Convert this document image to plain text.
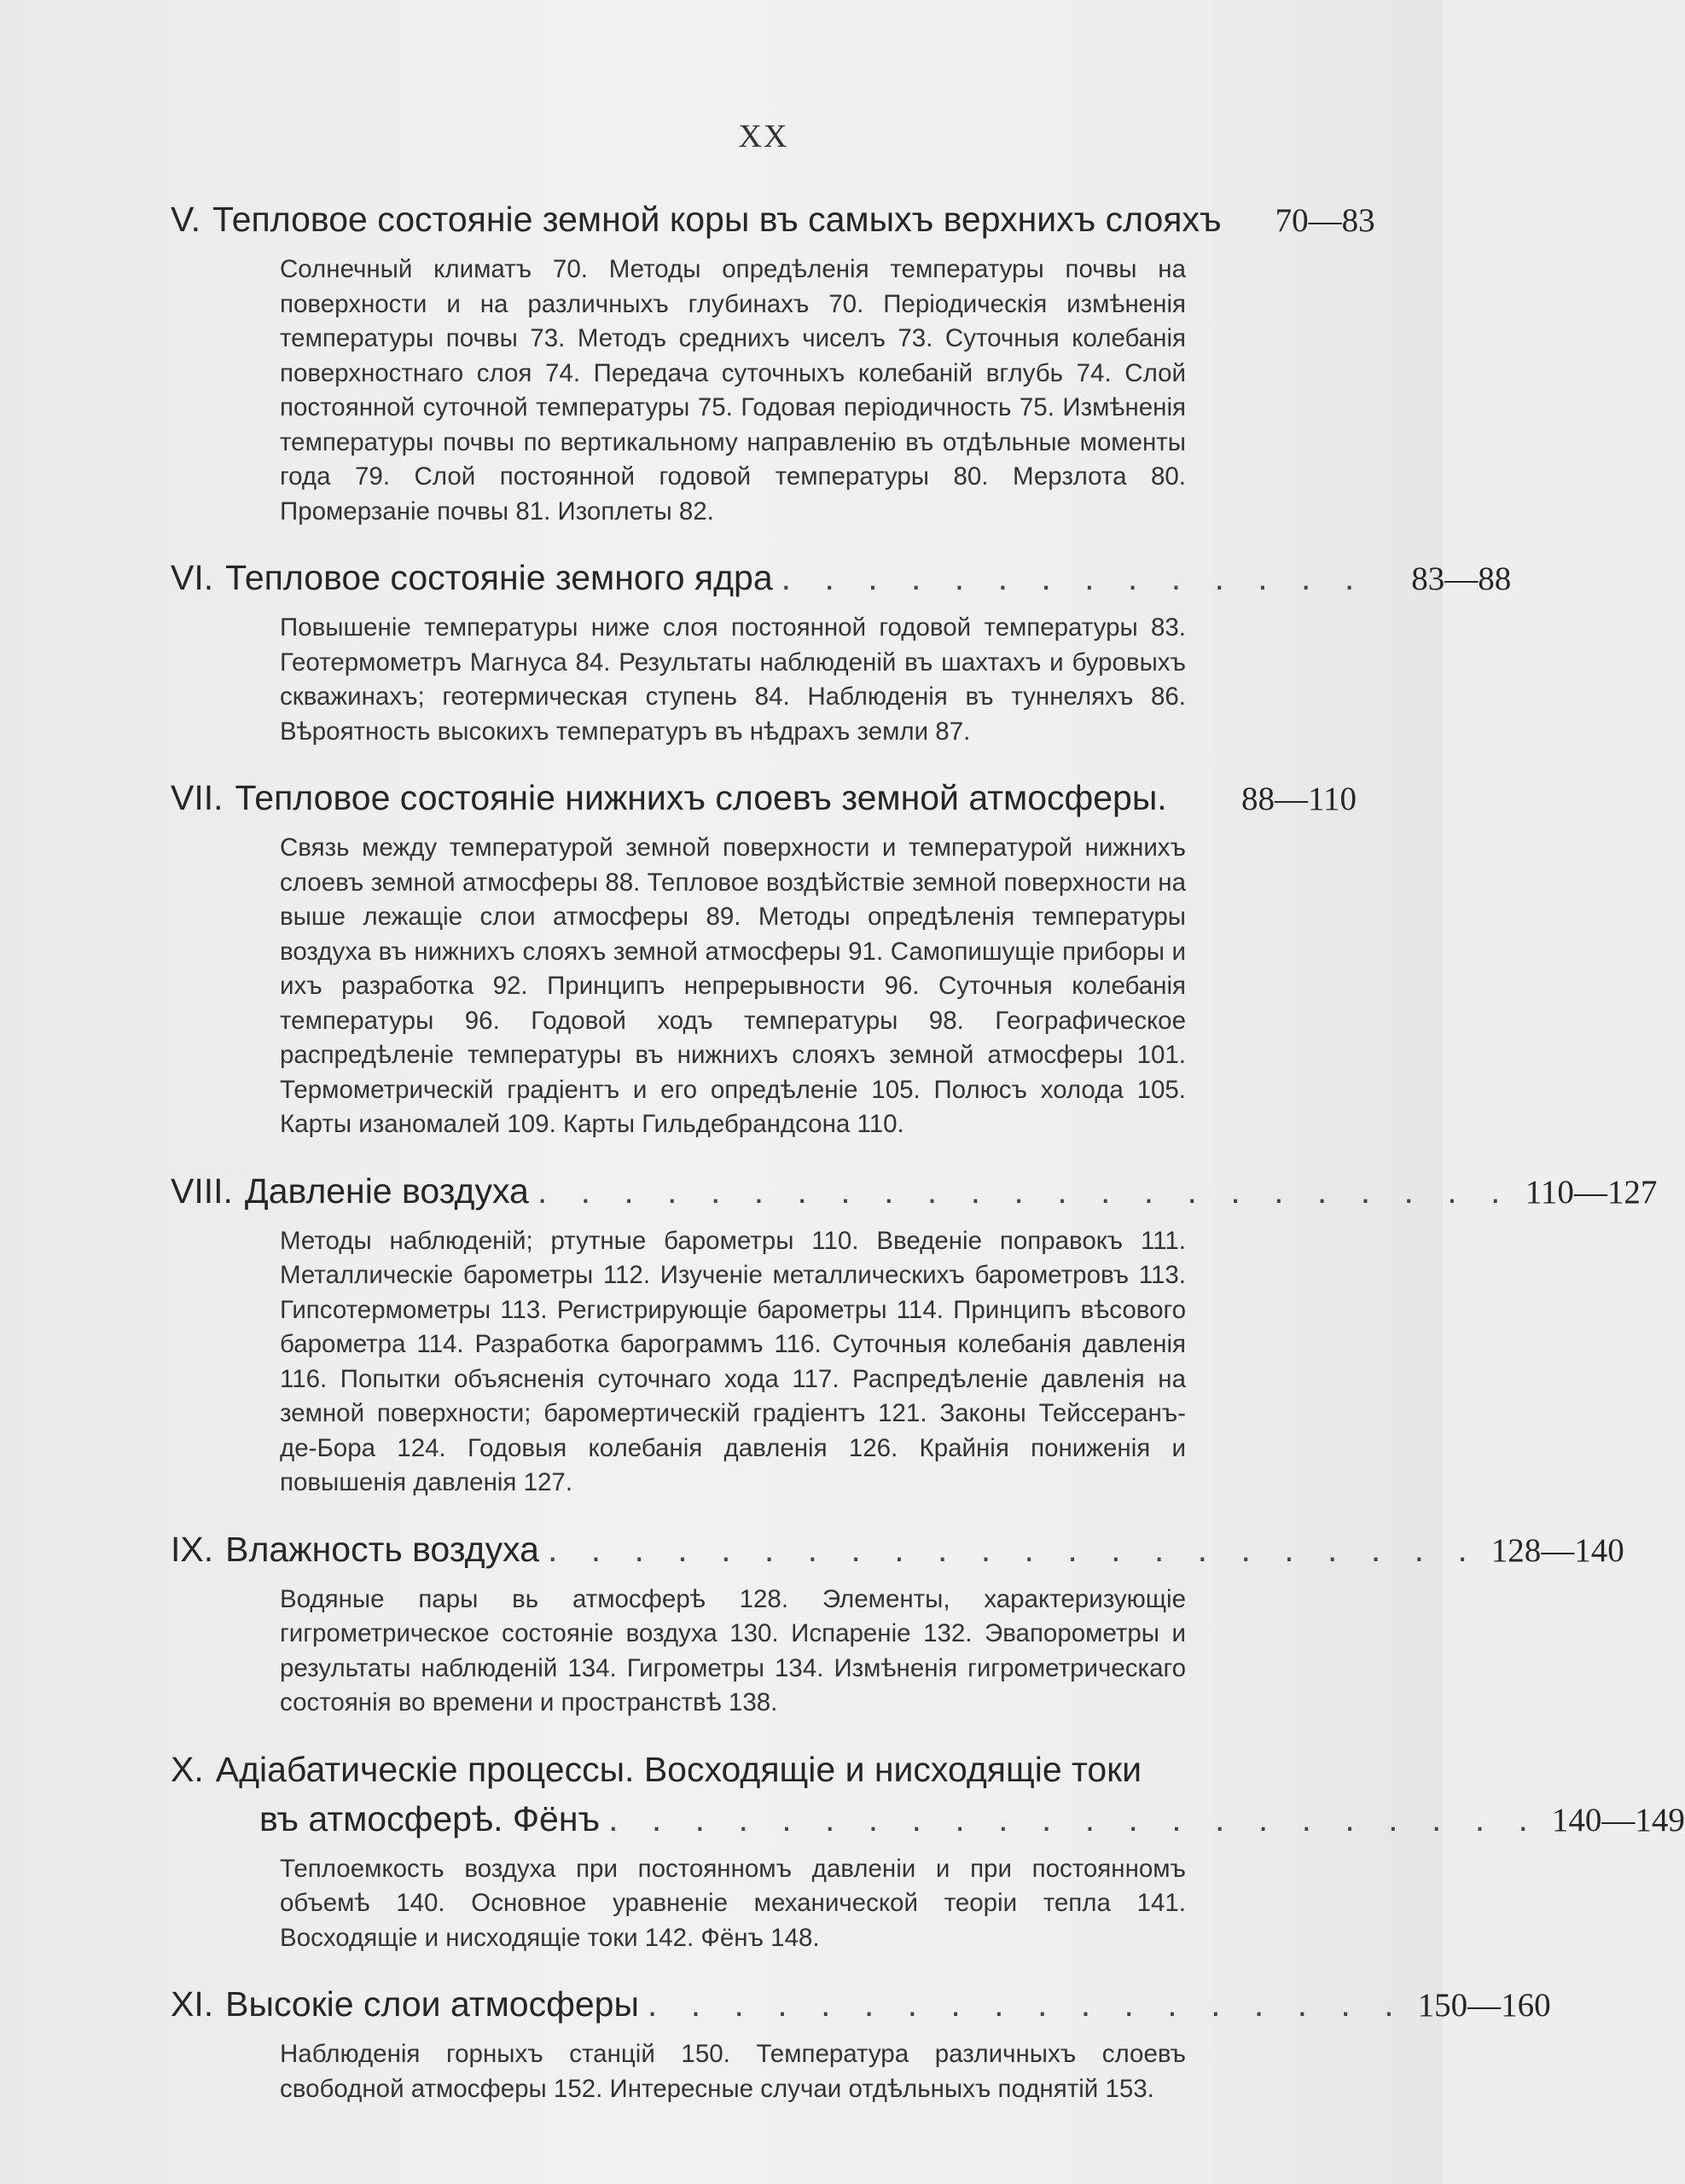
XX
V. Тепловое состоянiе земной коры въ самыхъ верхнихъ слояхъ	70—83
Солнечный климатъ 70. Методы опредѣленiя температуры почвы на поверхности и на различныхъ глубинахъ 70. Перiодическiя измѣненiя температуры почвы 73. Методъ среднихъ чиселъ 73. Суточныя колебанiя поверхностнаго слоя 74. Передача суточныхъ колебанiй вглубь 74. Слой постоянной суточной температуры 75. Годовая перiодичность 75. Измѣненiя температуры почвы по вертикальному направленiю въ отдѣльные моменты года 79. Слой постоянной годовой температуры 80. Мерзлота 80. Промерзанiе почвы 81. Изоплеты 82.
VI. Тепловое состоянiе земного ядра . . . . . . . . . . . . . .	83—88
Повышенiе температуры ниже слоя постоянной годовой температуры 83. Геотермометръ Магнуса 84. Результаты наблюденiй въ шахтахъ и буровыхъ скважинахъ; геотермическая ступень 84. Наблюденiя въ туннеляхъ 86. Вѣроятность высокихъ температуръ въ нѣдрахъ земли 87.
VII. Тепловое состоянiе нижнихъ слоевъ земной атмосферы.	88—110
Связь между температурой земной поверхности и температурой нижнихъ слоевъ земной атмосферы 88. Тепловое воздѣйствiе земной поверхности на выше лежащiе слои атмосферы 89. Методы опредѣленiя температуры воздуха въ нижнихъ слояхъ земной атмосферы 91. Самопишущiе приборы и ихъ разработка 92. Принципъ непрерывности 96. Суточныя колебанiя температуры 96. Годовой ходъ температуры 98. Географическое распредѣленiе температуры въ нижнихъ слояхъ земной атмосферы 101. Термометрическiй градiентъ и его опредѣленiе 105. Полюсъ холода 105. Карты изаномалей 109. Карты Гильдебрандсона 110.
VIII. Давленiе воздуха . . . . . . . . . . . . . . . . . . . . . . . 110—127
Методы наблюденiй; ртутные барометры 110. Введенiе поправокъ 111. Металлическiе барометры 112. Изученiе металлическихъ барометровъ 113. Гипсотермометры 113. Регистрирующiе барометры 114. Принципъ вѣсового барометра 114. Разработка барограммъ 116. Суточныя колебанiя давленiя 116. Попытки объясненiя суточнаго хода 117. Распредѣленiе давленiя на земной поверхности; баромертическiй градiентъ 121. Законы Тейссеранъ-де-Бора 124. Годовыя колебанiя давленiя 126. Крайнiя пониженiя и повышенiя давленiя 127.
IX. Влажность воздуха . . . . . . . . . . . . . . . . . . . . . . 128—140
Водяные пары вь атмосферѣ 128. Элементы, характеризующiе гигрометрическое состоянiе воздуха 130. Испаренiе 132. Эвапорометры и результаты наблюденiй 134. Гигрометры 134. Измѣненiя гигрометрическаго состоянiя во времени и пространствѣ 138.
X. Адiабатическiе процессы. Восходящiе и нисходящiе токи
въ атмосферѣ. Фёнъ . . . . . . . . . . . . . . . . . . . . . . 140—149
Теплоемкость воздуха при постоянномъ давленiи и при постоянномъ объемѣ 140. Основное уравненiе механической теорiи тепла 141. Восходящiе и нисходящiе токи 142. Фёнъ 148.
XI. Высокiе слои атмосферы . . . . . . . . . . . . . . . . . . 150—160
Наблюденiя горныхъ станцiй 150. Температура различныхъ слоевъ свободной атмосферы 152. Интересные случаи отдѣльныхъ поднятiй 153.
